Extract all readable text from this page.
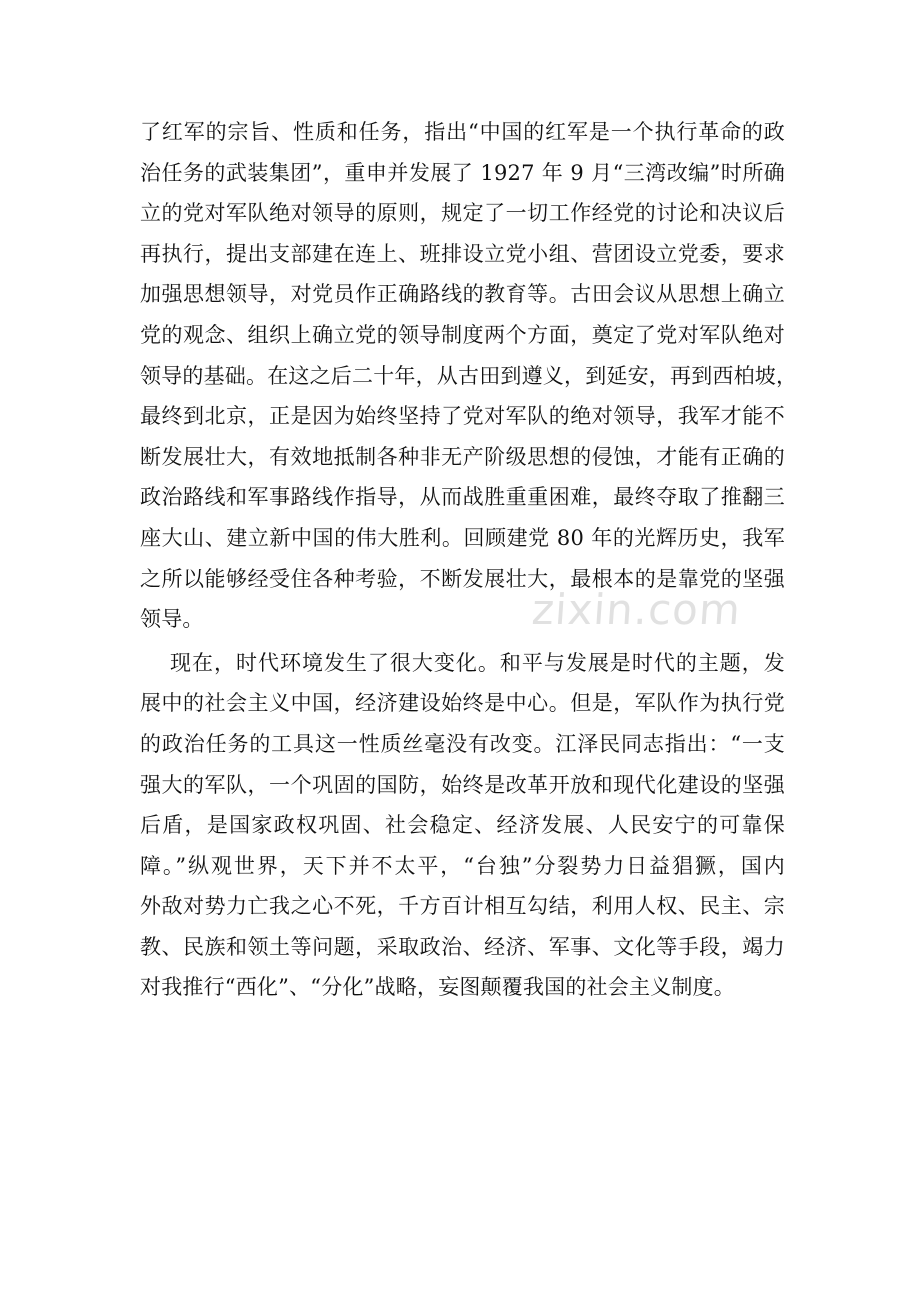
了红军的宗旨、性质和任务，指出“中国的红军是一个执行革命的政
治任务的武装集团”，重申并发展了 1927 年 9 月“三湾改编”时所确
立的党对军队绝对领导的原则，规定了一切工作经党的讨论和决议后
再执行，提出支部建在连上、班排设立党小组、营团设立党委，要求
加强思想领导，对党员作正确路线的教育等。古田会议从思想上确立
党的观念、组织上确立党的领导制度两个方面，奠定了党对军队绝对
领导的基础。在这之后二十年，从古田到遵义，到延安，再到西柏坡，
最终到北京，正是因为始终坚持了党对军队的绝对领导，我军才能不
断发展壮大，有效地抵制各种非无产阶级思想的侵蚀，才能有正确的
政治路线和军事路线作指导，从而战胜重重困难，最终夺取了推翻三
座大山、建立新中国的伟大胜利。回顾建党 80 年的光辉历史，我军
之所以能够经受住各种考验，不断发展壮大，最根本的是靠党的坚强
领导。
现在，时代环境发生了很大变化。和平与发展是时代的主题，发
展中的社会主义中国，经济建设始终是中心。但是，军队作为执行党
的政治任务的工具这一性质丝毫没有改变。江泽民同志指出：“一支
强大的军队，一个巩固的国防，始终是改革开放和现代化建设的坚强
后盾，是国家政权巩固、社会稳定、经济发展、人民安宁的可靠保
障。”纵观世界，天下并不太平，“台独”分裂势力日益猖獗，国内
外敌对势力亡我之心不死，千方百计相互勾结，利用人权、民主、宗
教、民族和领土等问题，采取政治、经济、军事、文化等手段，竭力
对我推行“西化”、“分化”战略，妄图颠覆我国的社会主义制度。
zixin.com
